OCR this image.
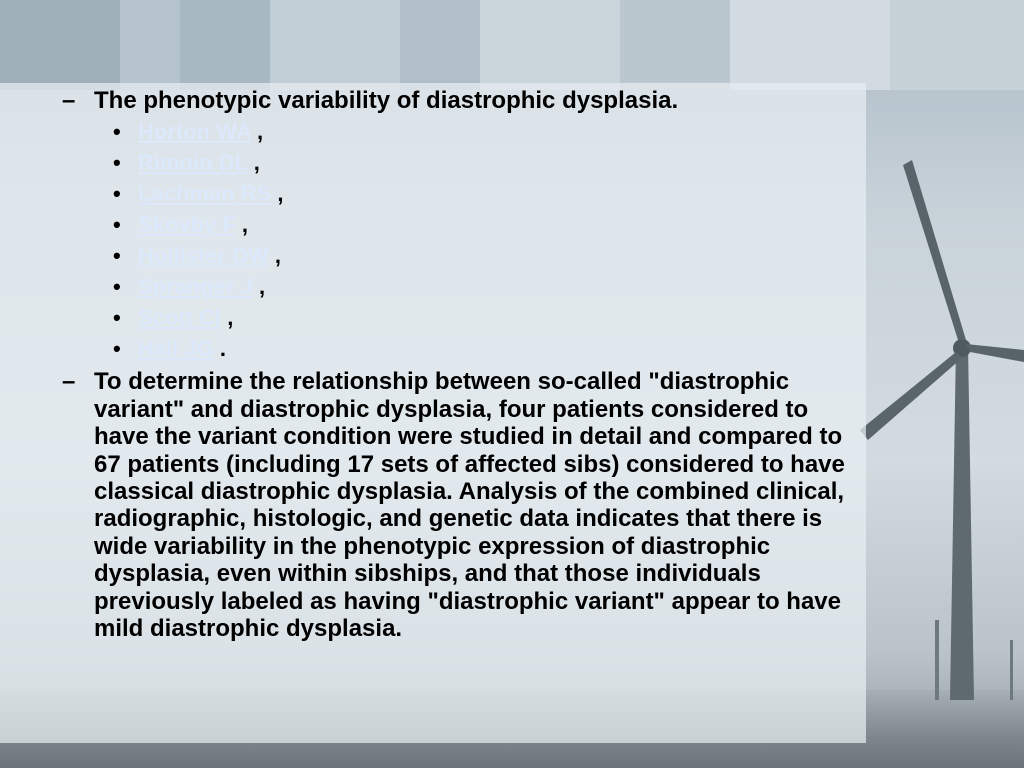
– The phenotypic variability of diastrophic dysplasia.
• Horton WA ,
• Rimoin DL ,
• Lachman RS ,
• Skovby F ,
• Hollister DW ,
• Spranger J ,
• Scott CI ,
• Hall JG .
– To determine the relationship between so-called "diastrophic variant" and diastrophic dysplasia, four patients considered to have the variant condition were studied in detail and compared to 67 patients (including 17 sets of affected sibs) considered to have classical diastrophic dysplasia. Analysis of the combined clinical, radiographic, histologic, and genetic data indicates that there is wide variability in the phenotypic expression of diastrophic dysplasia, even within sibships, and that those individuals previously labeled as having "diastrophic variant" appear to have mild diastrophic dysplasia.
